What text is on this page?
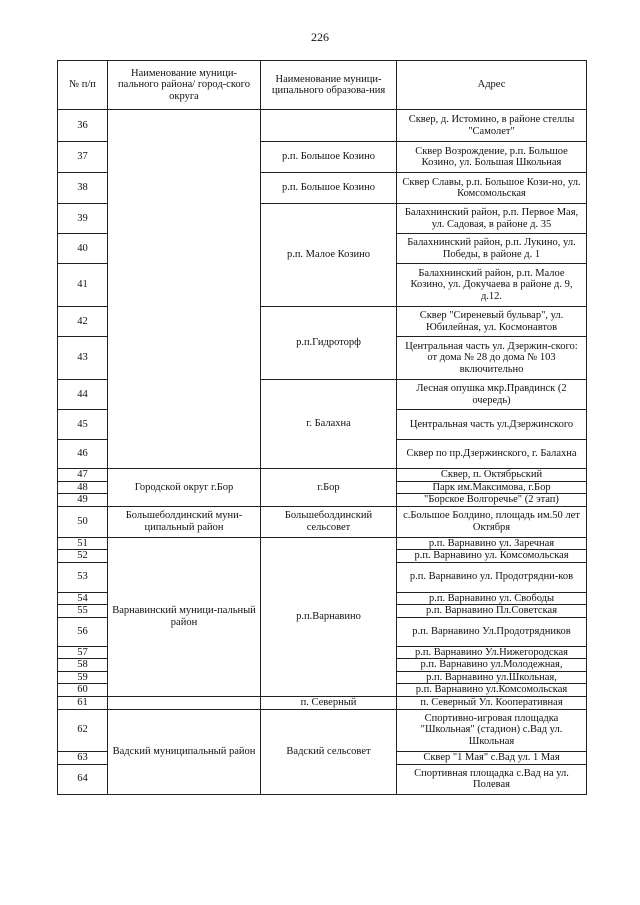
226
№ п/п	Наименование муници-пального района/ город-ского округа	Наименование муници-ципального образова-ния	Адрес
36			Сквер, д. Истомино, в районе стеллы "Самолет"
37		р.п. Большое Козино	Сквер Возрождение, р.п. Большое Козино, ул. Большая Школьная
38		р.п. Большое Козино	Сквер Славы, р.п. Большое Кози-но, ул. Комсомольская
39		р.п. Малое Козино	Балахнинский район, р.п. Первое Мая, ул. Садовая, в районе д. 35
40			Балахнинский район, р.п. Лукино, ул. Победы, в районе д. 1
41			Балахнинский район, р.п. Малое Козино, ул. Докучаева в районе д. 9, д.12.
42		р.п.Гидроторф	Сквер "Сиреневый бульвар", ул. Юбилейная, ул. Космонавтов
43			Центральная часть ул. Дзержин-ского: от дома № 28 до дома № 103 включительно
44		г. Балахна	Лесная опушка мкр.Правдинск (2 очередь)
45			Центральная часть ул.Дзержинского
46			Сквер по пр.Дзержинского, г. Балахна
47	Городской округ г.Бор	г.Бор	Сквер, п. Октябрьский
48			Парк им.Максимова, г.Бор
49			"Борское Волгоречье" (2 этап)
50	Большеболдинский муни-ципальный район	Большеболдинский сельсовет	с.Большое Болдино, площадь им.50 лет Октября
51	Варнавинский муници-пальный район	р.п.Варнавино	р.п. Варнавино ул. Заречная
52			р.п. Варнавино ул. Комсомольская
53			р.п. Варнавино ул. Продотрядни-ков
54			р.п. Варнавино ул. Свободы
55			р.п. Варнавино Пл.Советская
56			р.п. Варнавино Ул.Продотрядников
57			р.п. Варнавино Ул.Нижегородская
58			р.п. Варнавино ул.Молодежная,
59			р.п. Варнавино ул.Школьная,
60			р.п. Варнавино ул.Комсомольская
61		п. Северный	п. Северный Ул. Кооперативная
62	Вадский муниципальный район	Вадский сельсовет	Спортивно-игровая площадка "Школьная" (стадион) с.Вад ул. Школьная
63			Сквер "1 Мая" с.Вад ул. 1 Мая
64			Спортивная площадка с.Вад на ул. Полевая
